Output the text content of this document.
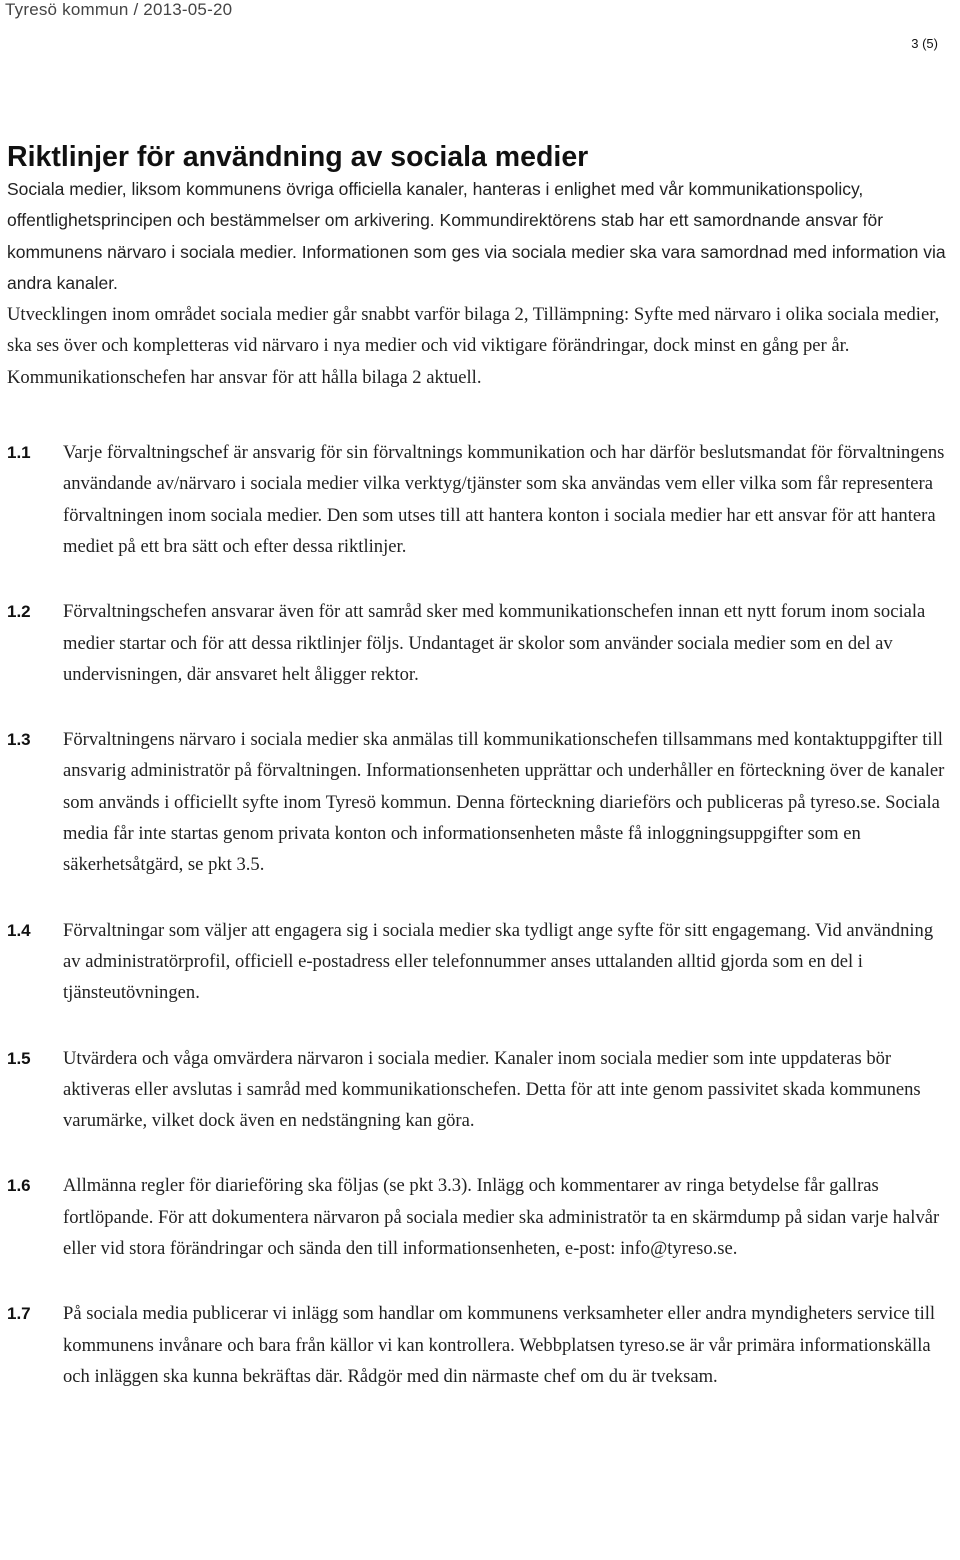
Tyresö kommun / 2013-05-20
3 (5)
Riktlinjer för användning av sociala medier

Sociala medier, liksom kommunens övriga officiella kanaler, hanteras i enlighet med vår kommunikationspolicy, offentlighetsprincipen och bestämmelser om arkivering. Kommundirektörens stab har ett samordnande ansvar för kommunens närvaro i sociala medier. Informationen som ges via sociala medier ska vara samordnad med information via andra kanaler.

Utvecklingen inom området sociala medier går snabbt varför bilaga 2, Tillämpning: Syfte med närvaro i olika sociala medier, ska ses över och kompletteras vid närvaro i nya medier och vid viktigare förändringar, dock minst en gång per år. Kommunikationschefen har ansvar för att hålla bilaga 2 aktuell.

1.1	Varje förvaltningschef är ansvarig för sin förvaltnings kommunikation och har därför beslutsmandat för förvaltningens användande av/närvaro i sociala medier vilka verktyg/tjänster som ska användas vem eller vilka som får representera förvaltningen inom sociala medier. Den som utses till att hantera konton i sociala medier har ett ansvar för att hantera mediet på ett bra sätt och efter dessa riktlinjer.
1.2	Förvaltningschefen ansvarar även för att samråd sker med kommunikationschefen innan ett nytt forum inom sociala medier startar och för att dessa riktlinjer följs. Undantaget är skolor som använder sociala medier som en del av undervisningen, där ansvaret helt åligger rektor.
1.3	Förvaltningens närvaro i sociala medier ska anmälas till kommunikationschefen tillsammans med kontaktuppgifter till ansvarig administratör på förvaltningen. Informationsenheten upprättar och underhåller en förteckning över de kanaler som används i officiellt syfte inom Tyresö kommun. Denna förteckning diarieförs och publiceras på tyreso.se. Sociala media får inte startas genom privata konton och informationsenheten måste få inloggningsuppgifter som en säkerhetsåtgärd, se pkt 3.5.
1.4	Förvaltningar som väljer att engagera sig i sociala medier ska tydligt ange syfte för sitt engagemang. Vid användning av administratörprofil, officiell e-postadress eller telefonnummer anses uttalanden alltid gjorda som en del i tjänsteutövningen.
1.5	Utvärdera och våga omvärdera närvaron i sociala medier. Kanaler inom sociala medier som inte uppdateras bör aktiveras eller avslutas i samråd med kommunikationschefen. Detta för att inte genom passivitet skada kommunens varumärke, vilket dock även en nedstängning kan göra.
1.6	Allmänna regler för diarieföring ska följas (se pkt 3.3). Inlägg och kommentarer av ringa betydelse får gallras fortlöpande. För att dokumentera närvaron på sociala medier ska administratör ta en skärmdump på sidan varje halvår eller vid stora förändringar och sända den till informationsenheten, e-post: info@tyreso.se.
1.7	På sociala media publicerar vi inlägg som handlar om kommunens verksamheter eller andra myndigheters service till kommunens invånare och bara från källor vi kan kontrollera. Webbplatsen tyreso.se är vår primära informationskälla och inläggen ska kunna bekräftas där. Rådgör med din närmaste chef om du är tveksam.
